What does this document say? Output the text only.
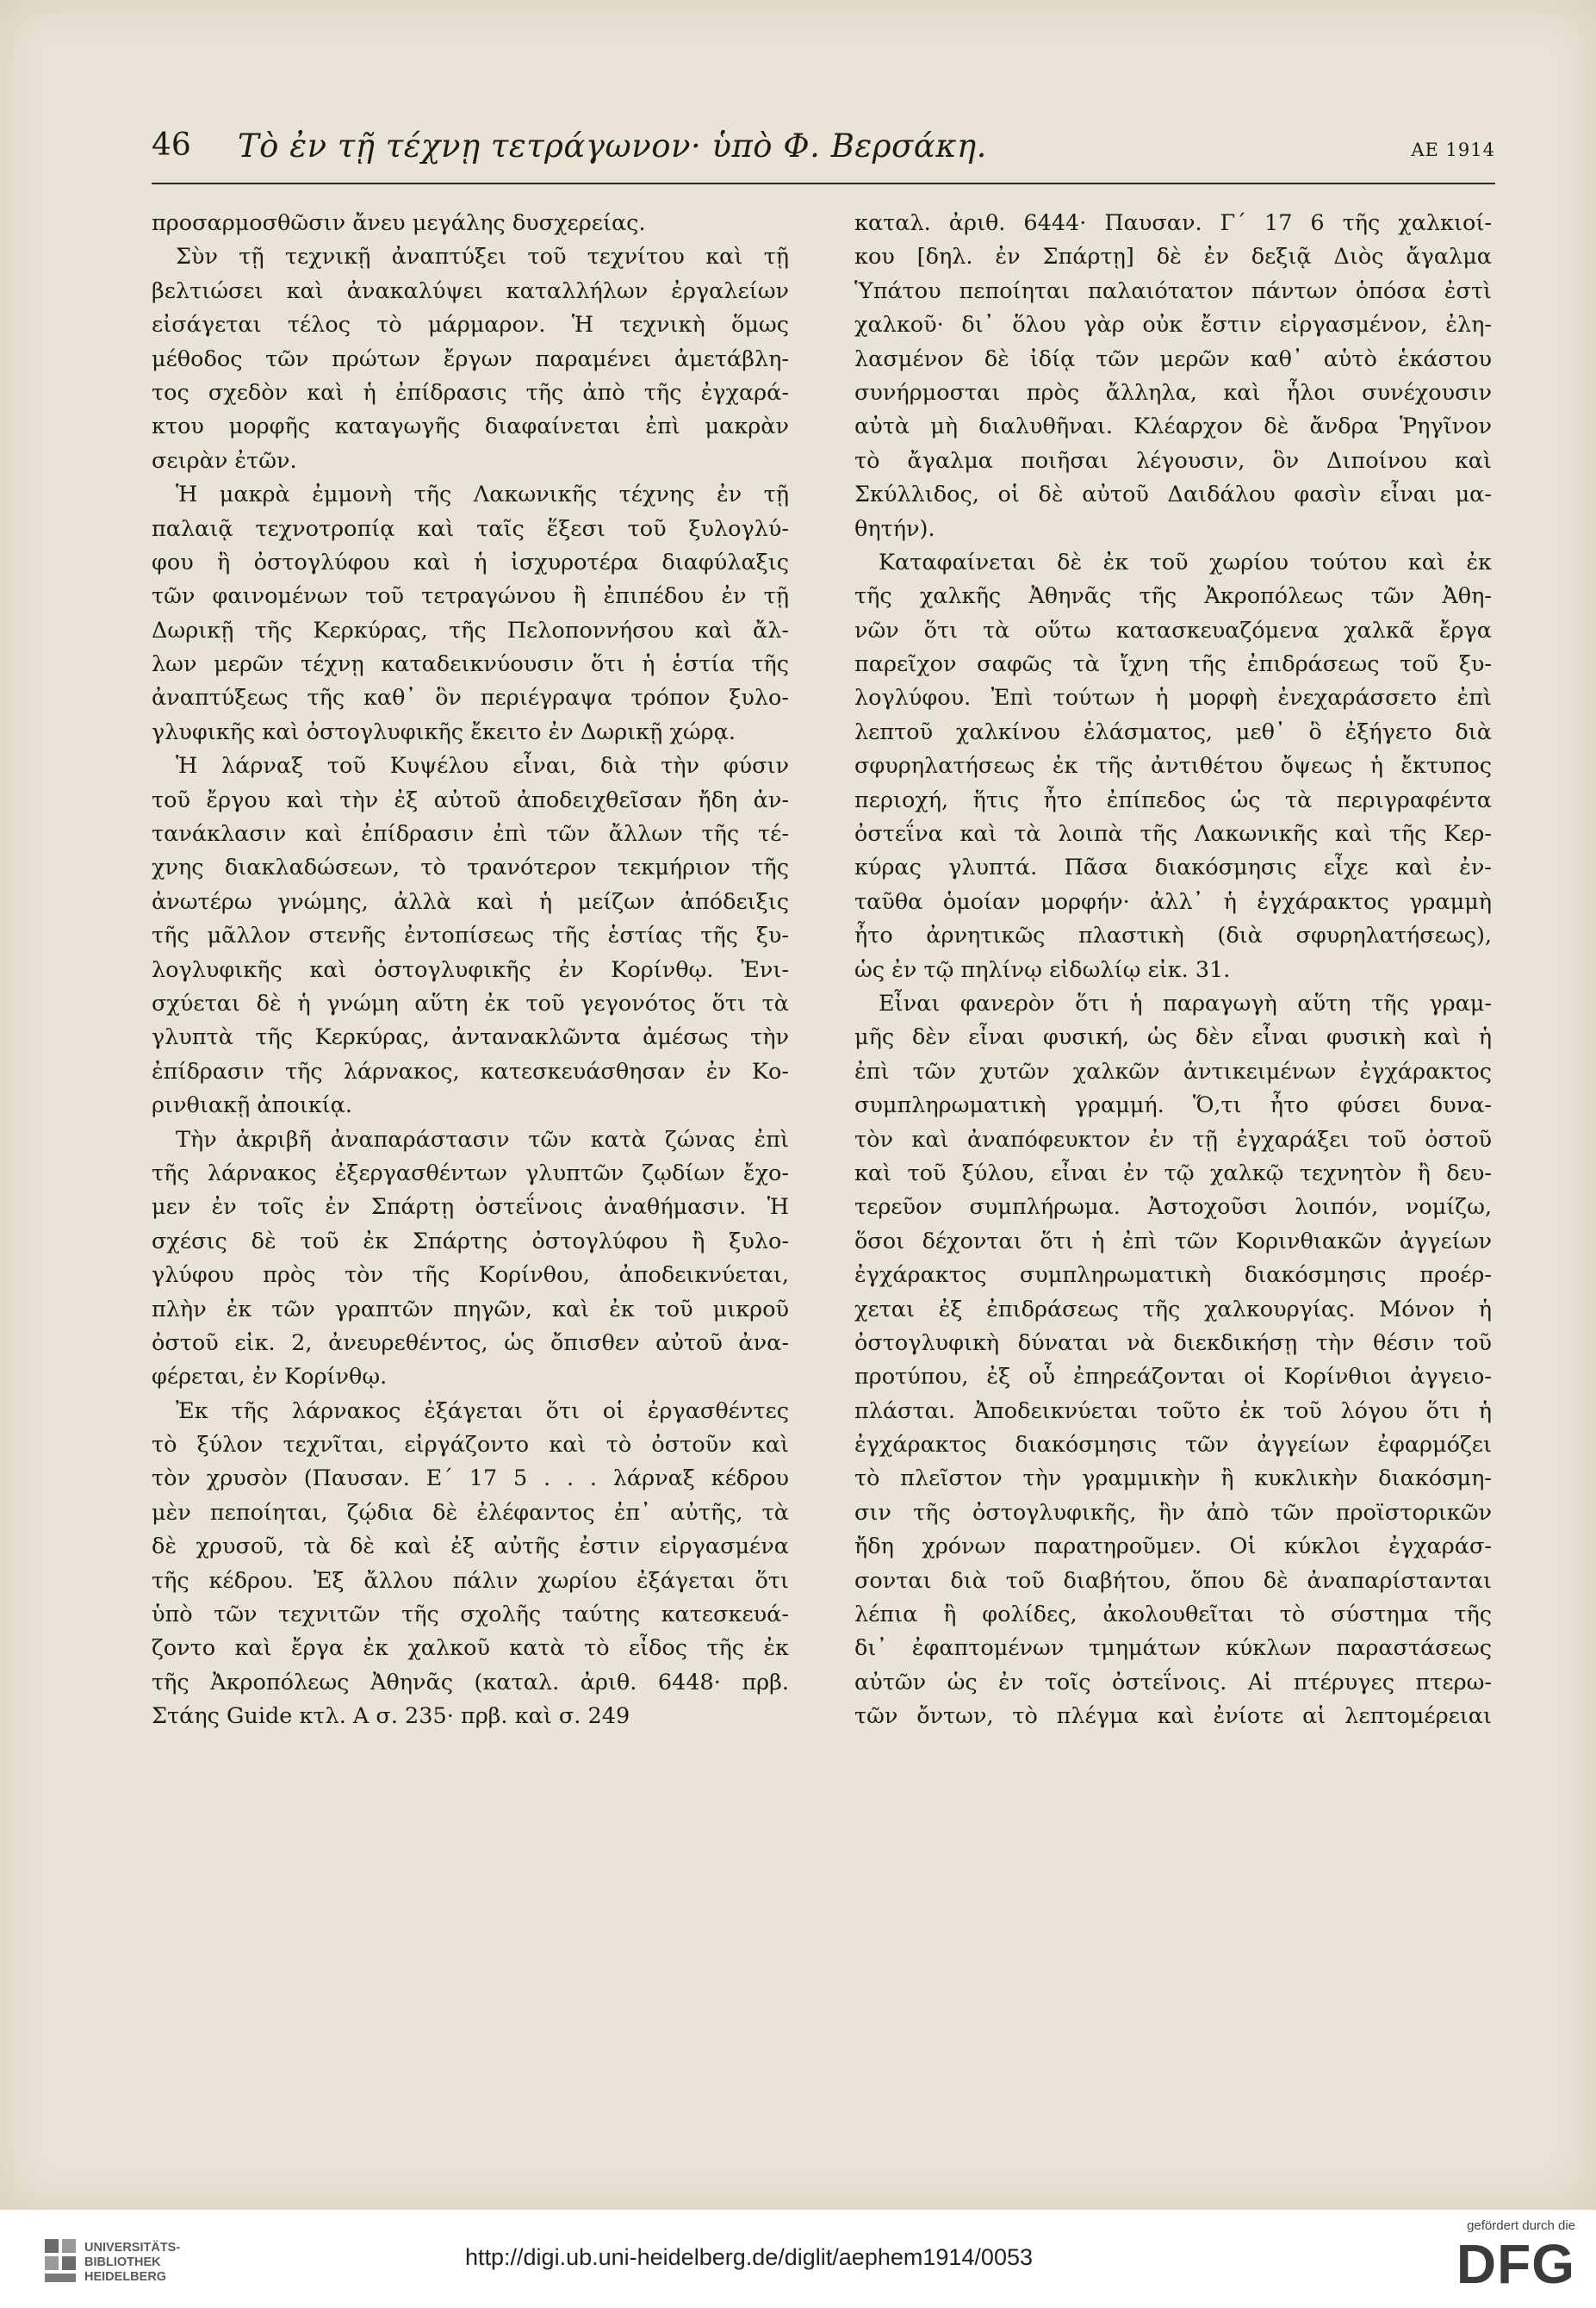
46 Τὸ ἐν τῇ τέχνῃ τετράγωνον· ὑπὸ Φ. Βερσάκη.	ΑΕ 1914
προσαρμοσθῶσιν ἄνευ μεγάλης δυσχερείας.
Σὺν τῇ τεχνικῇ ἀναπτύξει τοῦ τεχνίτου καὶ τῇ
βελτιώσει καὶ ἀνακαλύψει καταλλήλων ἐργαλείων
εἰσάγεται τέλος τὸ μάρμαρον. Ἡ τεχνικὴ ὅμως
μέθοδος τῶν πρώτων ἔργων παραμένει ἀμετάβλη-
τος σχεδὸν καὶ ἡ ἐπίδρασις τῆς ἀπὸ τῆς ἐγχαρά-
κτου μορφῆς καταγωγῆς διαφαίνεται ἐπὶ μακρὰν
σειρὰν ἐτῶν.
Ἡ μακρὰ ἐμμονὴ τῆς Λακωνικῆς τέχνης ἐν τῇ
παλαιᾷ τεχνοτροπίᾳ καὶ ταῖς ἕξεσι τοῦ ξυλογλύ-
φου ἢ ὀστογλύφου καὶ ἡ ἰσχυροτέρα διαφύλαξις
τῶν φαινομένων τοῦ τετραγώνου ἢ ἐπιπέδου ἐν τῇ
Δωρικῇ τῆς Κερκύρας, τῆς Πελοποννήσου καὶ ἄλ-
λων μερῶν τέχνῃ καταδεικνύουσιν ὅτι ἡ ἑστία τῆς
ἀναπτύξεως τῆς καθ᾽ ὃν περιέγραψα τρόπον ξυλο-
γλυφικῆς καὶ ὀστογλυφικῆς ἔκειτο ἐν Δωρικῇ χώρᾳ.
Ἡ λάρναξ τοῦ Κυψέλου εἶναι, διὰ τὴν φύσιν
τοῦ ἔργου καὶ τὴν ἐξ αὐτοῦ ἀποδειχθεῖσαν ἤδη ἀν-
τανάκλασιν καὶ ἐπίδρασιν ἐπὶ τῶν ἄλλων τῆς τέ-
χνης διακλαδώσεων, τὸ τρανότερον τεκμήριον τῆς
ἀνωτέρω γνώμης, ἀλλὰ καὶ ἡ μείζων ἀπόδειξις
τῆς μᾶλλον στενῆς ἐντοπίσεως τῆς ἑστίας τῆς ξυ-
λογλυφικῆς καὶ ὀστογλυφικῆς ἐν Κορίνθῳ. Ἐνι-
σχύεται δὲ ἡ γνώμη αὕτη ἐκ τοῦ γεγονότος ὅτι τὰ
γλυπτὰ τῆς Κερκύρας, ἀντανακλῶντα ἀμέσως τὴν
ἐπίδρασιν τῆς λάρνακος, κατεσκευάσθησαν ἐν Κο-
ρινθιακῇ ἀποικίᾳ.
Τὴν ἀκριβῆ ἀναπαράστασιν τῶν κατὰ ζώνας ἐπὶ
τῆς λάρνακος ἐξεργασθέντων γλυπτῶν ζῳδίων ἔχο-
μεν ἐν τοῖς ἐν Σπάρτῃ ὀστεΐνοις ἀναθήμασιν. Ἡ
σχέσις δὲ τοῦ ἐκ Σπάρτης ὀστογλύφου ἢ ξυλο-
γλύφου πρὸς τὸν τῆς Κορίνθου, ἀποδεικνύεται,
πλὴν ἐκ τῶν γραπτῶν πηγῶν, καὶ ἐκ τοῦ μικροῦ
ὀστοῦ εἰκ. 2, ἀνευρεθέντος, ὡς ὄπισθεν αὐτοῦ ἀνα-
φέρεται, ἐν Κορίνθῳ.
Ἐκ τῆς λάρνακος ἐξάγεται ὅτι οἱ ἐργασθέντες
τὸ ξύλον τεχνῖται, εἰργάζοντο καὶ τὸ ὀστοῦν καὶ
τὸν χρυσὸν (Παυσαν. Ε΄ 17 5 . . . λάρναξ κέδρου
μὲν πεποίηται, ζῴδια δὲ ἐλέφαντος ἐπ᾽ αὐτῆς, τὰ
δὲ χρυσοῦ, τὰ δὲ καὶ ἐξ αὐτῆς ἐστιν εἰργασμένα
τῆς κέδρου. Ἐξ ἄλλου πάλιν χωρίου ἐξάγεται ὅτι
ὑπὸ τῶν τεχνιτῶν τῆς σχολῆς ταύτης κατεσκευά-
ζοντο καὶ ἔργα ἐκ χαλκοῦ κατὰ τὸ εἶδος τῆς ἐκ
τῆς Ἀκροπόλεως Ἀθηνᾶς (καταλ. ἀριθ. 6448· πρβ.
Στάης Guide κτλ. Α σ. 235· πρβ. καὶ σ. 249
καταλ. ἀριθ. 6444· Παυσαν. Γ΄ 17 6 τῆς χαλκιοί-
κου [δηλ. ἐν Σπάρτῃ] δὲ ἐν δεξιᾷ Διὸς ἄγαλμα
Ὑπάτου πεποίηται παλαιότατον πάντων ὁπόσα ἐστὶ
χαλκοῦ· δι᾽ ὅλου γὰρ οὐκ ἔστιν εἰργασμένον, ἐλη-
λασμένον δὲ ἰδίᾳ τῶν μερῶν καθ᾽ αὑτὸ ἑκάστου
συνήρμοσται πρὸς ἄλληλα, καὶ ἧλοι συνέχουσιν
αὐτὰ μὴ διαλυθῆναι. Κλέαρχον δὲ ἄνδρα Ῥηγῖνον
τὸ ἄγαλμα ποιῆσαι λέγουσιν, ὃν Διποίνου καὶ
Σκύλλιδος, οἱ δὲ αὐτοῦ Δαιδάλου φασὶν εἶναι μα-
θητήν).
Καταφαίνεται δὲ ἐκ τοῦ χωρίου τούτου καὶ ἐκ
τῆς χαλκῆς Ἀθηνᾶς τῆς Ἀκροπόλεως τῶν Ἀθη-
νῶν ὅτι τὰ οὕτω κατασκευαζόμενα χαλκᾶ ἔργα
παρεῖχον σαφῶς τὰ ἴχνη τῆς ἐπιδράσεως τοῦ ξυ-
λογλύφου. Ἐπὶ τούτων ἡ μορφὴ ἐνεχαράσσετο ἐπὶ
λεπτοῦ χαλκίνου ἐλάσματος, μεθ᾽ ὃ ἐξήγετο διὰ
σφυρηλατήσεως ἐκ τῆς ἀντιθέτου ὄψεως ἡ ἔκτυπος
περιοχή, ἥτις ἦτο ἐπίπεδος ὡς τὰ περιγραφέντα
ὀστεΐνα καὶ τὰ λοιπὰ τῆς Λακωνικῆς καὶ τῆς Κερ-
κύρας γλυπτά. Πᾶσα διακόσμησις εἶχε καὶ ἐν-
ταῦθα ὁμοίαν μορφήν· ἀλλ᾽ ἡ ἐγχάρακτος γραμμὴ
ἦτο ἀρνητικῶς πλαστικὴ (διὰ σφυρηλατήσεως),
ὡς ἐν τῷ πηλίνῳ εἰδωλίῳ εἰκ. 31.
Εἶναι φανερὸν ὅτι ἡ παραγωγὴ αὕτη τῆς γραμ-
μῆς δὲν εἶναι φυσική, ὡς δὲν εἶναι φυσικὴ καὶ ἡ
ἐπὶ τῶν χυτῶν χαλκῶν ἀντικειμένων ἐγχάρακτος
συμπληρωματικὴ γραμμή. Ὅ,τι ἦτο φύσει δυνα-
τὸν καὶ ἀναπόφευκτον ἐν τῇ ἐγχαράξει τοῦ ὀστοῦ
καὶ τοῦ ξύλου, εἶναι ἐν τῷ χαλκῷ τεχνητὸν ἢ δευ-
τερεῦον συμπλήρωμα. Ἀστοχοῦσι λοιπόν, νομίζω,
ὅσοι δέχονται ὅτι ἡ ἐπὶ τῶν Κορινθιακῶν ἀγγείων
ἐγχάρακτος συμπληρωματικὴ διακόσμησις προέρ-
χεται ἐξ ἐπιδράσεως τῆς χαλκουργίας. Μόνον ἡ
ὀστογλυφικὴ δύναται νὰ διεκδικήσῃ τὴν θέσιν τοῦ
προτύπου, ἐξ οὗ ἐπηρεάζονται οἱ Κορίνθιοι ἀγγειο-
πλάσται. Ἀποδεικνύεται τοῦτο ἐκ τοῦ λόγου ὅτι ἡ
ἐγχάρακτος διακόσμησις τῶν ἀγγείων ἐφαρμόζει
τὸ πλεῖστον τὴν γραμμικὴν ἢ κυκλικὴν διακόσμη-
σιν τῆς ὀστογλυφικῆς, ἣν ἀπὸ τῶν προϊστορικῶν
ἤδη χρόνων παρατηροῦμεν. Οἱ κύκλοι ἐγχαράσ-
σονται διὰ τοῦ διαβήτου, ὅπου δὲ ἀναπαρίστανται
λέπια ἢ φολίδες, ἀκολουθεῖται τὸ σύστημα τῆς
δι᾽ ἐφαπτομένων τμημάτων κύκλων παραστάσεως
αὐτῶν ὡς ἐν τοῖς ὀστεΐνοις. Αἱ πτέρυγες πτερω-
τῶν ὄντων, τὸ πλέγμα καὶ ἐνίοτε αἱ λεπτομέρειαι
UNIVERSITÄTS-
BIBLIOTHEK
HEIDELBERG
http://digi.ub.uni-heidelberg.de/diglit/aephem1914/0053
gefördert durch die
DFG
